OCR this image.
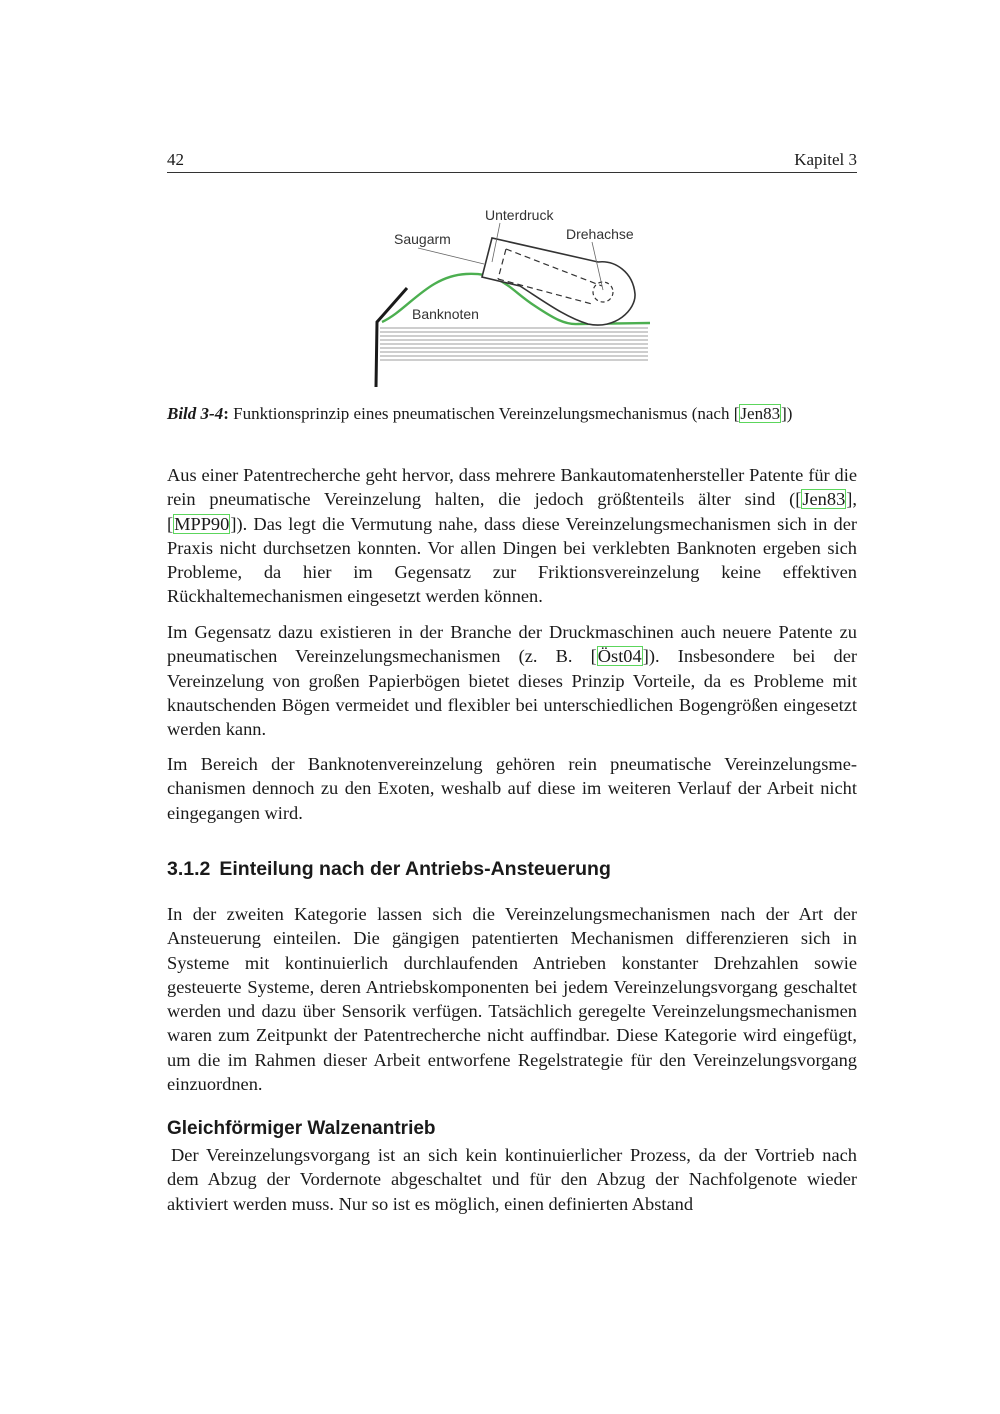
42	Kapitel 3
Unterdruck
Saugarm	Drehachse
Banknoten
Bild 3-4: Funktionsprinzip eines pneumatischen Vereinzelungsmechanismus (nach [Jen83])

Aus einer Patentrecherche geht hervor, dass mehrere Bankautomatenhersteller Patente für die rein pneumatische Vereinzelung halten, die jedoch größtenteils älter sind ([Jen83], [MPP90]). Das legt die Vermutung nahe, dass diese Vereinzelungsmechanismen sich in der Praxis nicht durchsetzen konnten. Vor allen Dingen bei verklebten Banknoten ergeben sich Probleme, da hier im Gegensatz zur Friktionsvereinzelung keine effektiven Rückhaltemechanismen eingesetzt werden können.

Im Gegensatz dazu existieren in der Branche der Druckmaschinen auch neuere Patente zu pneumatischen Vereinzelungsmechanismen (z. B. [Öst04]). Insbesondere bei der Vereinzelung von großen Papierbögen bietet dieses Prinzip Vorteile, da es Probleme mit knautschenden Bögen vermeidet und flexibler bei unterschiedlichen Bogengrößen eingesetzt werden kann.

Im Bereich der Banknotenvereinzelung gehören rein pneumatische Vereinzelungsmechanismen dennoch zu den Exoten, weshalb auf diese im weiteren Verlauf der Arbeit nicht eingegangen wird.

3.1.2 Einteilung nach der Antriebs-Ansteuerung

In der zweiten Kategorie lassen sich die Vereinzelungsmechanismen nach der Art der Ansteuerung einteilen. Die gängigen patentierten Mechanismen differenzieren sich in Systeme mit kontinuierlich durchlaufenden Antrieben konstanter Drehzahlen sowie gesteuerte Systeme, deren Antriebskomponenten bei jedem Vereinzelungsvorgang geschaltet werden und dazu über Sensorik verfügen. Tatsächlich geregelte Vereinzelungsmechanismen waren zum Zeitpunkt der Patentrecherche nicht auffindbar. Diese Kategorie wird eingefügt, um die im Rahmen dieser Arbeit entworfene Regelstrategie für den Vereinzelungsvorgang einzuordnen.

Gleichförmiger Walzenantrieb

Der Vereinzelungsvorgang ist an sich kein kontinuierlicher Prozess, da der Vortrieb nach dem Abzug der Vordernote abgeschaltet und für den Abzug der Nachfolgenote wieder aktiviert werden muss. Nur so ist es möglich, einen definierten Abstand
